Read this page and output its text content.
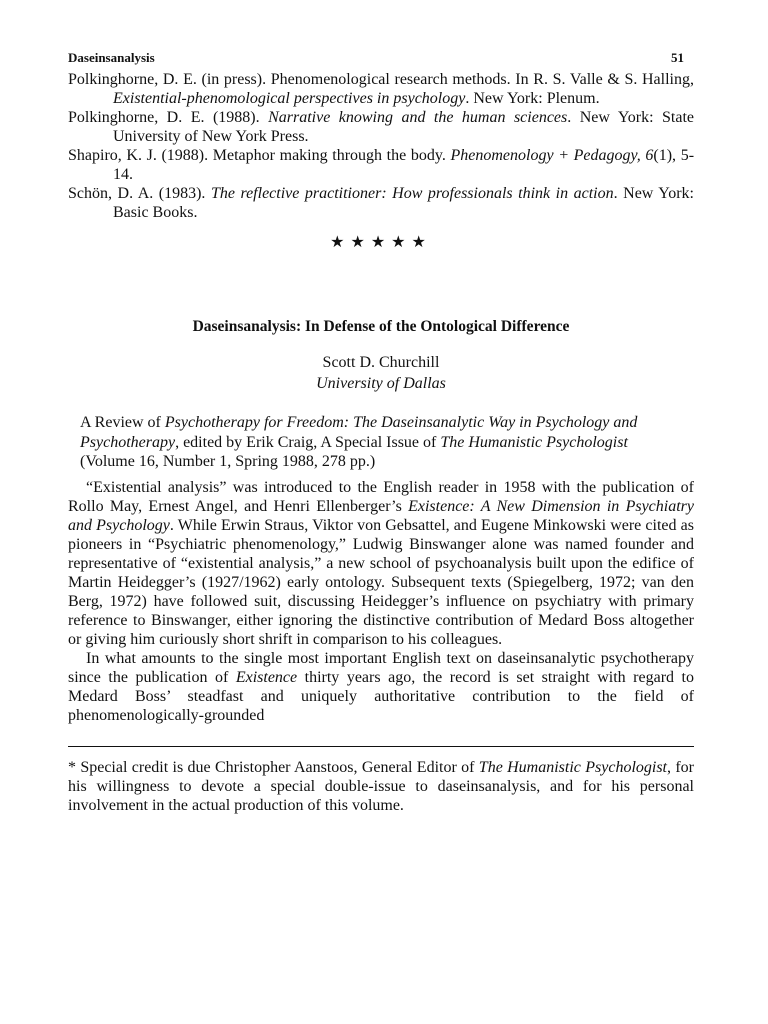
Daseinsanalysis	51
Polkinghorne, D. E. (in press). Phenomenological research methods. In R. S. Valle & S. Halling, Existential-phenomological perspectives in psychology. New York: Plenum.
Polkinghorne, D. E. (1988). Narrative knowing and the human sciences. New York: State University of New York Press.
Shapiro, K. J. (1988). Metaphor making through the body. Phenomenology + Pedagogy, 6(1), 5-14.
Schön, D. A. (1983). The reflective practitioner: How professionals think in action. New York: Basic Books.
★★★★★
Daseinsanalysis: In Defense of the Ontological Difference
Scott D. Churchill
University of Dallas
A Review of Psychotherapy for Freedom: The Daseinsanalytic Way in Psychology and Psychotherapy, edited by Erik Craig, A Special Issue of The Humanistic Psychologist (Volume 16, Number 1, Spring 1988, 278 pp.)
“Existential analysis” was introduced to the English reader in 1958 with the publication of Rollo May, Ernest Angel, and Henri Ellenberger’s Existence: A New Dimension in Psychiatry and Psychology. While Erwin Straus, Viktor von Gebsattel, and Eugene Minkowski were cited as pioneers in “Psychiatric phenomenology,” Ludwig Binswanger alone was named founder and representative of “existential analysis,” a new school of psychoanalysis built upon the edifice of Martin Heidegger’s (1927/1962) early ontology. Subsequent texts (Spiegelberg, 1972; van den Berg, 1972) have followed suit, discussing Heidegger’s influence on psychiatry with primary reference to Binswanger, either ignoring the distinctive contribution of Medard Boss altogether or giving him curiously short shrift in comparison to his colleagues.
In what amounts to the single most important English text on daseinsanalytic psychotherapy since the publication of Existence thirty years ago, the record is set straight with regard to Medard Boss’ steadfast and uniquely authoritative contribution to the field of phenomenologically-grounded
* Special credit is due Christopher Aanstoos, General Editor of The Humanistic Psychologist, for his willingness to devote a special double-issue to daseinsanalysis, and for his personal involvement in the actual production of this volume.
